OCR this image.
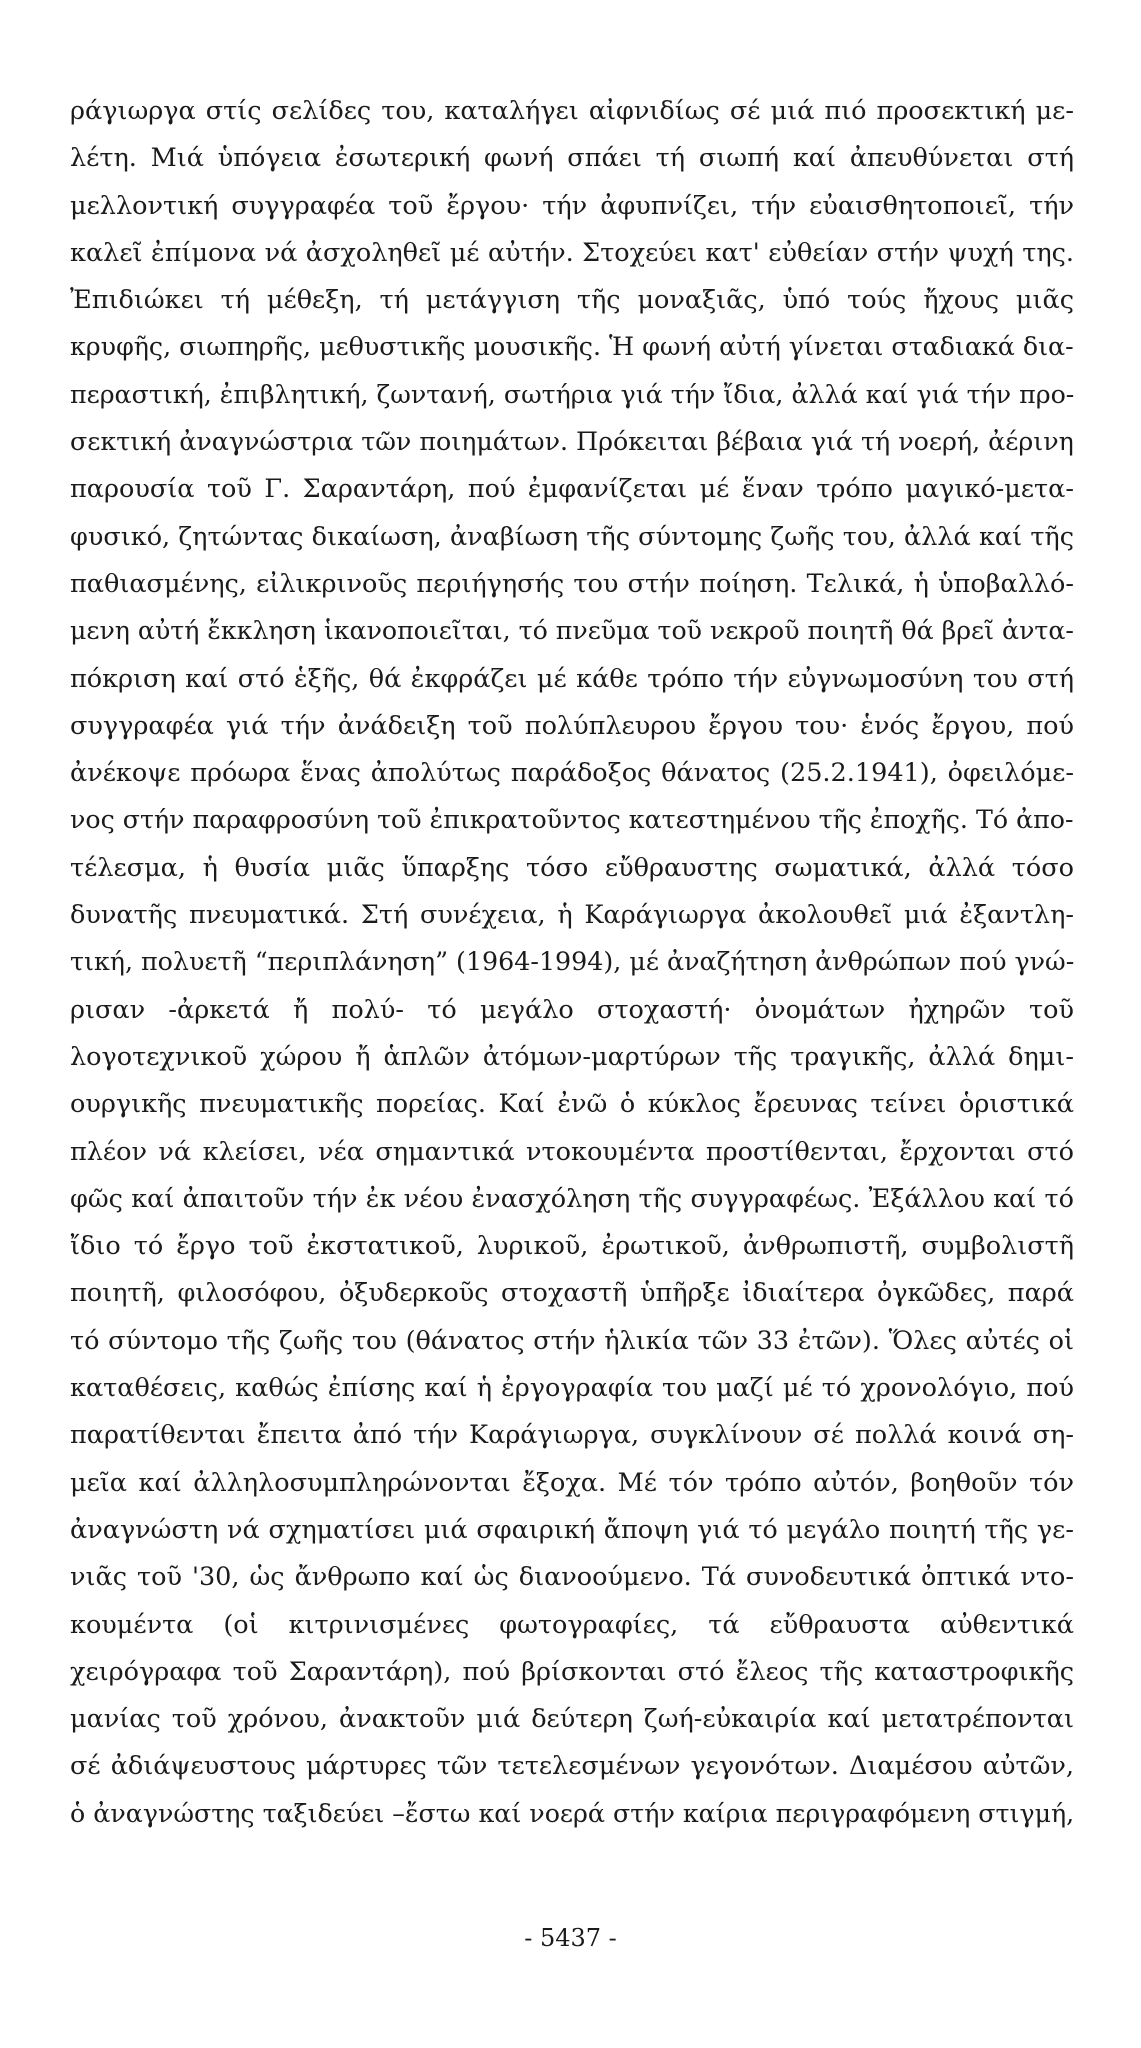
ράγιωργα στίς σελίδες του, καταλήγει αἰφνιδίως σέ μιά πιό προσεκτική με-
λέτη. Μιά ὑπόγεια ἐσωτερική φωνή σπάει τή σιωπή καί ἀπευθύνεται στή
μελλοντική συγγραφέα τοῦ ἔργου· τήν ἀφυπνίζει, τήν εὐαισθητοποιεῖ, τήν
καλεῖ ἐπίμονα νά ἀσχοληθεῖ μέ αὐτήν. Στοχεύει κατ' εὐθείαν στήν ψυχή της.
Ἐπιδιώκει τή μέθεξη, τή μετάγγιση τῆς μοναξιᾶς, ὑπό τούς ἤχους μιᾶς
κρυφῆς, σιωπηρῆς, μεθυστικῆς μουσικῆς. Ἡ φωνή αὐτή γίνεται σταδιακά δια-
περαστική, ἐπιβλητική, ζωντανή, σωτήρια γιά τήν ἴδια, ἀλλά καί γιά τήν προ-
σεκτική ἀναγνώστρια τῶν ποιημάτων. Πρόκειται βέβαια γιά τή νοερή, ἀέρινη
παρουσία τοῦ Γ. Σαραντάρη, πού ἐμφανίζεται μέ ἕναν τρόπο μαγικό-μετα-
φυσικό, ζητώντας δικαίωση, ἀναβίωση τῆς σύντομης ζωῆς του, ἀλλά καί τῆς
παθιασμένης, εἰλικρινοῦς περιήγησής του στήν ποίηση. Τελικά, ἡ ὑποβαλλό-
μενη αὐτή ἔκκληση ἱκανοποιεῖται, τό πνεῦμα τοῦ νεκροῦ ποιητῆ θά βρεῖ ἀντα-
πόκριση καί στό ἑξῆς, θά ἐκφράζει μέ κάθε τρόπο τήν εὐγνωμοσύνη του στή
συγγραφέα γιά τήν ἀνάδειξη τοῦ πολύπλευρου ἔργου του· ἑνός ἔργου, πού
ἀνέκοψε πρόωρα ἕνας ἀπολύτως παράδοξος θάνατος (25.2.1941), ὀφειλόμε-
νος στήν παραφροσύνη τοῦ ἐπικρατοῦντος κατεστημένου τῆς ἐποχῆς. Τό ἀπο-
τέλεσμα, ἡ θυσία μιᾶς ὕπαρξης τόσο εὔθραυστης σωματικά, ἀλλά τόσο
δυνατῆς πνευματικά. Στή συνέχεια, ἡ Καράγιωργα ἀκολουθεῖ μιά ἐξαντλη-
τική, πολυετῆ “περιπλάνηση” (1964-1994), μέ ἀναζήτηση ἀνθρώπων πού γνώ-
ρισαν -ἀρκετά ἤ πολύ- τό μεγάλο στοχαστή· ὀνομάτων ἠχηρῶν τοῦ
λογοτεχνικοῦ χώρου ἤ ἁπλῶν ἀτόμων-μαρτύρων τῆς τραγικῆς, ἀλλά δημι-
ουργικῆς πνευματικῆς πορείας. Καί ἐνῶ ὁ κύκλος ἔρευνας τείνει ὁριστικά
πλέον νά κλείσει, νέα σημαντικά ντοκουμέντα προστίθενται, ἔρχονται στό
φῶς καί ἀπαιτοῦν τήν ἐκ νέου ἐνασχόληση τῆς συγγραφέως. Ἐξάλλου καί τό
ἴδιο τό ἔργο τοῦ ἐκστατικοῦ, λυρικοῦ, ἐρωτικοῦ, ἀνθρωπιστῆ, συμβολιστῆ
ποιητῆ, φιλοσόφου, ὀξυδερκοῦς στοχαστῆ ὑπῆρξε ἰδιαίτερα ὀγκῶδες, παρά
τό σύντομο τῆς ζωῆς του (θάνατος στήν ἡλικία τῶν 33 ἐτῶν). Ὅλες αὐτές οἱ
καταθέσεις, καθώς ἐπίσης καί ἡ ἐργογραφία του μαζί μέ τό χρονολόγιο, πού
παρατίθενται ἔπειτα ἀπό τήν Καράγιωργα, συγκλίνουν σέ πολλά κοινά ση-
μεῖα καί ἀλληλοσυμπληρώνονται ἔξοχα. Μέ τόν τρόπο αὐτόν, βοηθοῦν τόν
ἀναγνώστη νά σχηματίσει μιά σφαιρική ἄποψη γιά τό μεγάλο ποιητή τῆς γε-
νιᾶς τοῦ '30, ὡς ἄνθρωπο καί ὡς διανοούμενο. Τά συνοδευτικά ὀπτικά ντο-
κουμέντα (οἱ κιτρινισμένες φωτογραφίες, τά εὔθραυστα αὐθεντικά
χειρόγραφα τοῦ Σαραντάρη), πού βρίσκονται στό ἔλεος τῆς καταστροφικῆς
μανίας τοῦ χρόνου, ἀνακτοῦν μιά δεύτερη ζωή-εὐκαιρία καί μετατρέπονται
σέ ἀδιάψευστους μάρτυρες τῶν τετελεσμένων γεγονότων. Διαμέσου αὐτῶν,
ὁ ἀναγνώστης ταξιδεύει –ἔστω καί νοερά στήν καίρια περιγραφόμενη στιγμή,
- 5437 -
